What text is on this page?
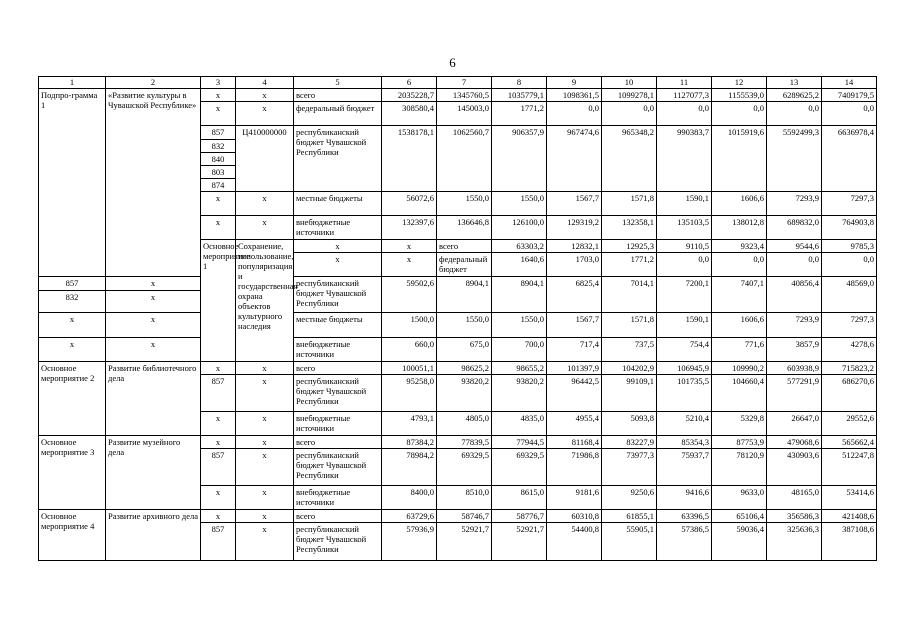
6
1	2	3	4	5	6	7	8	9	10	11	12	13	14	
Подпро-грамма 1	«Развитие культуры в Чувашской Республике»	х	х	всего	2035228,7	1345760,5	1035779,1	1098361,5	1099278,1	1127077,3	1155539,0	6289625,2	7409179,5	
		х	х	федеральный бюджет	308580,4	145003,0	1771,2	0,0	0,0	0,0	0,0	0,0	0,0	
		857	Ц410000000	республиканский бюджет Чувашской Республики	1538178,1	1062560,7	906357,9	967474,6	965348,2	990383,7	1015919,6	5592499,3	6636978,4	
		832												
		840												
		803												
		874												
		х	х	местные бюджеты	56072,6	1550,0	1550,0	1567,7	1571,8	1590,1	1606,6	7293,9	7297,3	
		х	х	внебюджетные источники	132397,6	136646,8	126100,0	129319,2	132358,1	135103,5	138012,8	689832,0	764903,8	
		Основное мероприятие 1	Сохранение, использование, популяризация и государственная охрана объектов культурного наследия	х	х	всего	63303,2	12832,1	12925,3	9110,5	9323,4	9544,6	9785,3		
				х	х	федеральный бюджет	1640,6	1703,0	1771,2	0,0	0,0	0,0	0,0		
857	х			республиканский бюджет Чувашской Республики	59502,6	8904,1	8904,1	6825,4	7014,1	7200,1	7407,1	40856,4	48569,0	
832	х													
х	х			местные бюджеты	1500,0	1550,0	1550,0	1567,7	1571,8	1590,1	1606,6	7293,9	7297,3	
х	х			внебюджетные источники	660,0	675,0	700,0	717,4	737,5	754,4	771,6	3857,9	4278,6	
Основное мероприятие 2	Развитие библиотечного дела	х	х	всего	100051,1	98625,2	98655,2	101397,9	104202,9	106945,9	109990,2	603938,9	715823,2	
		857	х	республиканский бюджет Чувашской Республики	95258,0	93820,2	93820,2	96442,5	99109,1	101735,5	104660,4	577291,9	686270,6	
		х	х	внебюджетные источники	4793,1	4805,0	4835,0	4955,4	5093,8	5210,4	5329,8	26647,0	29552,6	
Основное мероприятие 3	Развитие музейного дела	х	х	всего	87384,2	77839,5	77944,5	81168,4	83227,9	85354,3	87753,9	479068,6	565662,4	
		857	х	республиканский бюджет Чувашской Республики	78984,2	69329,5	69329,5	71986,8	73977,3	75937,7	78120,9	430903,6	512247,8	
		х	х	внебюджетные источники	8400,0	8510,0	8615,0	9181,6	9250,6	9416,6	9633,0	48165,0	53414,6	
Основное мероприятие 4	Развитие архивного дела	х	х	всего	63729,6	58746,7	58776,7	60310,8	61855,1	63396,5	65106,4	356586,3	421408,6	
		857	х	республиканский бюджет Чувашской Республики	57936,9	52921,7	52921,7	54400,8	55905,1	57386,5	59036,4	325636,3	387108,6	
